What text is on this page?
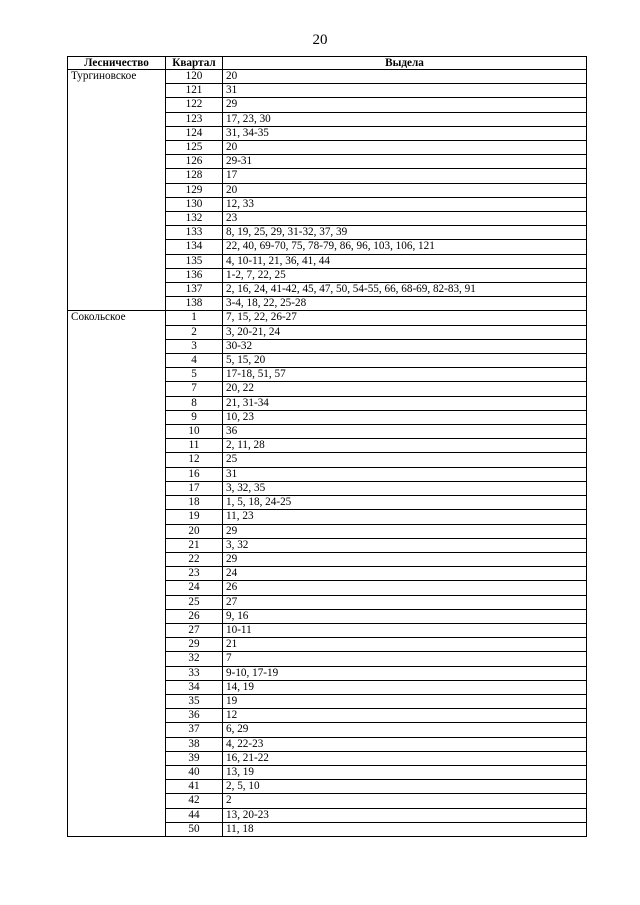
20
Лесничество	Квартал	Выдела
Тургиновское	120	20
	121	31
	122	29
	123	17, 23, 30
	124	31, 34-35
	125	20
	126	29-31
	128	17
	129	20
	130	12, 33
	132	23
	133	8, 19, 25, 29, 31-32, 37, 39
	134	22, 40, 69-70, 75, 78-79, 86, 96, 103, 106, 121
	135	4, 10-11, 21, 36, 41, 44
	136	1-2, 7, 22, 25
	137	2, 16, 24, 41-42, 45, 47, 50, 54-55, 66, 68-69, 82-83, 91
	138	3-4, 18, 22, 25-28
Сокольское	1	7, 15, 22, 26-27
	2	3, 20-21, 24
	3	30-32
	4	5, 15, 20
	5	17-18, 51, 57
	7	20, 22
	8	21, 31-34
	9	10, 23
	10	36
	11	2, 11, 28
	12	25
	16	31
	17	3, 32, 35
	18	1, 5, 18, 24-25
	19	11, 23
	20	29
	21	3, 32
	22	29
	23	24
	24	26
	25	27
	26	9, 16
	27	10-11
	29	21
	32	7
	33	9-10, 17-19
	34	14, 19
	35	19
	36	12
	37	6, 29
	38	4, 22-23
	39	16, 21-22
	40	13, 19
	41	2, 5, 10
	42	2
	44	13, 20-23
	50	11, 18
